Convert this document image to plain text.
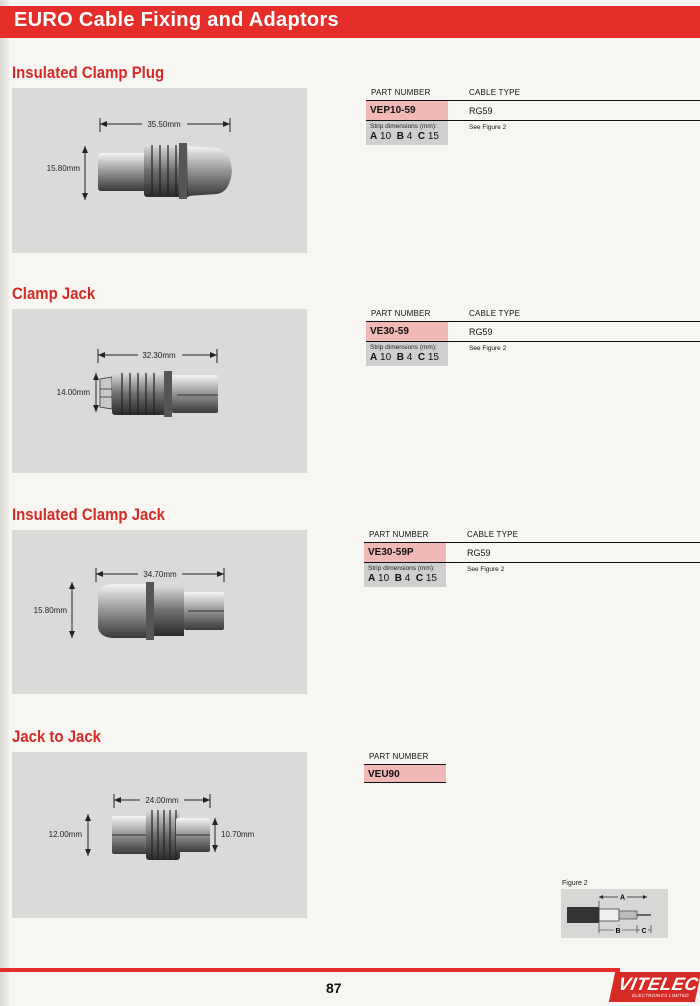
EURO Cable Fixing and Adaptors
Insulated Clamp Plug
35.50mm
15.80mm
PART NUMBER	CABLE TYPE
VEP10-59	RG59
Strip dimensions (mm):
A 10 B 4 C 15
See Figure 2
Clamp Jack
32.30mm
14.00mm
PART NUMBER	CABLE TYPE
VE30-59	RG59
Strip dimensions (mm):
A 10 B 4 C 15
See Figure 2
Insulated Clamp Jack
34.70mm
15.80mm
PART NUMBER	CABLE TYPE
VE30-59P	RG59
Strip dimensions (mm):
A 10 B 4 C 15
See Figure 2
Jack to Jack
24.00mm
12.00mm	10.70mm
PART NUMBER
VEU90
Figure 2
A
B	C
87	VITELEC
ELECTRONICS LIMITED
